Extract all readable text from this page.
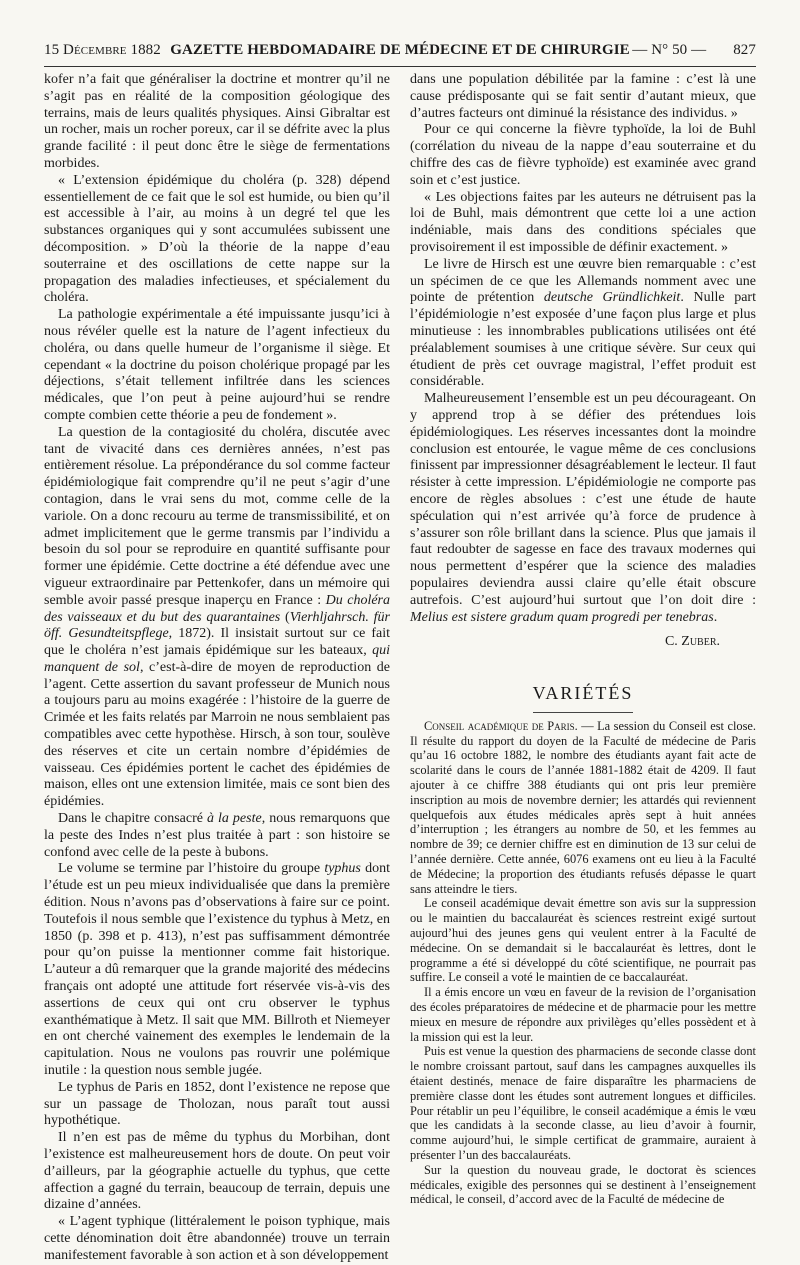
15 Décembre 1882 GAZETTE HEBDOMADAIRE DE MÉDECINE ET DE CHIRURGIE — N° 50 — 827

kofer n’a fait que généraliser la doctrine et montrer qu’il ne s’agit pas en réalité de la composition géologique des terrains, mais de leurs qualités physiques. Ainsi Gibraltar est un rocher, mais un rocher poreux, car il se défrite avec la plus grande facilité : il peut donc être le siège de fermentations morbides.

« L’extension épidémique du choléra (p. 328) dépend essentiellement de ce fait que le sol est humide, ou bien qu’il est accessible à l’air, au moins à un degré tel que les substances organiques qui y sont accumulées subissent une décomposition. » D’où la théorie de la nappe d’eau souterraine et des oscillations de cette nappe sur la propagation des maladies infectieuses, et spécialement du choléra.

La pathologie expérimentale a été impuissante jusqu’ici à nous révéler quelle est la nature de l’agent infectieux du choléra, ou dans quelle humeur de l’organisme il siège. Et cependant « la doctrine du poison cholérique propagé par les déjections, s’était tellement infiltrée dans les sciences médicales, que l’on peut à peine aujourd’hui se rendre compte combien cette théorie a peu de fondement ».

La question de la contagiosité du choléra, discutée avec tant de vivacité dans ces dernières années, n’est pas entièrement résolue. La prépondérance du sol comme facteur épidémiologique fait comprendre qu’il ne peut s’agir d’une contagion, dans le vrai sens du mot, comme celle de la variole. On a donc recouru au terme de transmissibilité, et on admet implicitement que le germe transmis par l’individu a besoin du sol pour se reproduire en quantité suffisante pour former une épidémie. Cette doctrine a été défendue avec une vigueur extraordinaire par Pettenkofer, dans un mémoire qui semble avoir passé presque inaperçu en France : Du choléra des vaisseaux et du but des quarantaines (Vierhljahrsch. für öff. Gesundteitspflege, 1872). Il insistait surtout sur ce fait que le choléra n’est jamais épidémique sur les bateaux, qui manquent de sol, c’est-à-dire de moyen de reproduction de l’agent. Cette assertion du savant professeur de Munich nous a toujours paru au moins exagérée : l’histoire de la guerre de Crimée et les faits relatés par Marroin ne nous semblaient pas compatibles avec cette hypothèse. Hirsch, à son tour, soulève des réserves et cite un certain nombre d’épidémies de vaisseau. Ces épidémies portent le cachet des épidémies de maison, elles ont une extension limitée, mais ce sont bien des épidémies.

Dans le chapitre consacré à la peste, nous remarquons que la peste des Indes n’est plus traitée à part : son histoire se confond avec celle de la peste à bubons.

Le volume se termine par l’histoire du groupe typhus dont l’étude est un peu mieux individualisée que dans la première édition. Nous n’avons pas d’observations à faire sur ce point. Toutefois il nous semble que l’existence du typhus à Metz, en 1850 (p. 398 et p. 413), n’est pas suffisamment démontrée pour qu’on puisse la mentionner comme fait historique. L’auteur a dû remarquer que la grande majorité des médecins français ont adopté une attitude fort réservée vis-à-vis des assertions de ceux qui ont cru observer le typhus exanthématique à Metz. Il sait que MM. Billroth et Niemeyer en ont cherché vainement des exemples le lendemain de la capitulation. Nous ne voulons pas rouvrir une polémique inutile : la question nous semble jugée.

Le typhus de Paris en 1852, dont l’existence ne repose que sur un passage de Tholozan, nous paraît tout aussi hypothétique.

Il n’en est pas de même du typhus du Morbihan, dont l’existence est malheureusement hors de doute. On peut voir d’ailleurs, par la géographie actuelle du typhus, que cette affection a gagné du terrain, beaucoup de terrain, depuis une dizaine d’années.

« L’agent typhique (littéralement le poison typhique, mais cette dénomination doit être abandonnée) trouve un terrain manifestement favorable à son action et à son développement

dans une population débilitée par la famine : c’est là une cause prédisposante qui se fait sentir d’autant mieux, que d’autres facteurs ont diminué la résistance des individus. »

Pour ce qui concerne la fièvre typhoïde, la loi de Buhl (corrélation du niveau de la nappe d’eau souterraine et du chiffre des cas de fièvre typhoïde) est examinée avec grand soin et c’est justice.

« Les objections faites par les auteurs ne détruisent pas la loi de Buhl, mais démontrent que cette loi a une action indéniable, mais dans des conditions spéciales que provisoirement il est impossible de définir exactement. »

Le livre de Hirsch est une œuvre bien remarquable : c’est un spécimen de ce que les Allemands nomment avec une pointe de prétention deutsche Gründlichkeit. Nulle part l’épidémiologie n’est exposée d’une façon plus large et plus minutieuse : les innombrables publications utilisées ont été préalablement soumises à une critique sévère. Sur ceux qui étudient de près cet ouvrage magistral, l’effet produit est considérable.

Malheureusement l’ensemble est un peu décourageant. On y apprend trop à se défier des prétendues lois épidémiologiques. Les réserves incessantes dont la moindre conclusion est entourée, le vague même de ces conclusions finissent par impressionner désagréablement le lecteur. Il faut résister à cette impression. L’épidémiologie ne comporte pas encore de règles absolues : c’est une étude de haute spéculation qui n’est arrivée qu’à force de prudence à s’assurer son rôle brillant dans la science. Plus que jamais il faut redoubter de sagesse en face des travaux modernes qui nous permettent d’espérer que la science des maladies populaires deviendra aussi claire qu’elle était obscure autrefois. C’est aujourd’hui surtout que l’on doit dire : Melius est sistere gradum quam progredi per tenebras.

C. Zuber.
VARIÉTÉS

Conseil académique de Paris. — La session du Conseil est close. Il résulte du rapport du doyen de la Faculté de médecine de Paris qu’au 16 octobre 1882, le nombre des étudiants ayant fait acte de scolarité dans le cours de l’année 1881-1882 était de 4209. Il faut ajouter à ce chiffre 388 étudiants qui ont pris leur première inscription au mois de novembre dernier; les attardés qui reviennent quelquefois aux études médicales après sept à huit années d’interruption ; les étrangers au nombre de 50, et les femmes au nombre de 39; ce dernier chiffre est en diminution de 13 sur celui de l’année dernière. Cette année, 6076 examens ont eu lieu à la Faculté de Médecine; la proportion des étudiants refusés dépasse le quart sans atteindre le tiers.

Le conseil académique devait émettre son avis sur la suppression ou le maintien du baccalauréat ès sciences restreint exigé surtout aujourd’hui des jeunes gens qui veulent entrer à la Faculté de médecine. On se demandait si le baccalauréat ès lettres, dont le programme a été si développé du côté scientifique, ne pourrait pas suffire. Le conseil a voté le maintien de ce baccalauréat.

Il a émis encore un vœu en faveur de la revision de l’organisation des écoles préparatoires de médecine et de pharmacie pour les mettre mieux en mesure de répondre aux privilèges qu’elles possèdent et à la mission qui est la leur.

Puis est venue la question des pharmaciens de seconde classe dont le nombre croissant partout, sauf dans les campagnes auxquelles ils étaient destinés, menace de faire disparaître les pharmaciens de première classe dont les études sont autrement longues et difficiles. Pour rétablir un peu l’équilibre, le conseil académique a émis le vœu que les candidats à la seconde classe, au lieu d’avoir à fournir, comme aujourd’hui, le simple certificat de grammaire, auraient à présenter l’un des baccalauréats.

Sur la question du nouveau grade, le doctorat ès sciences médicales, exigible des personnes qui se destinent à l’enseignement médical, le conseil, d’accord avec de la Faculté de médecine de
